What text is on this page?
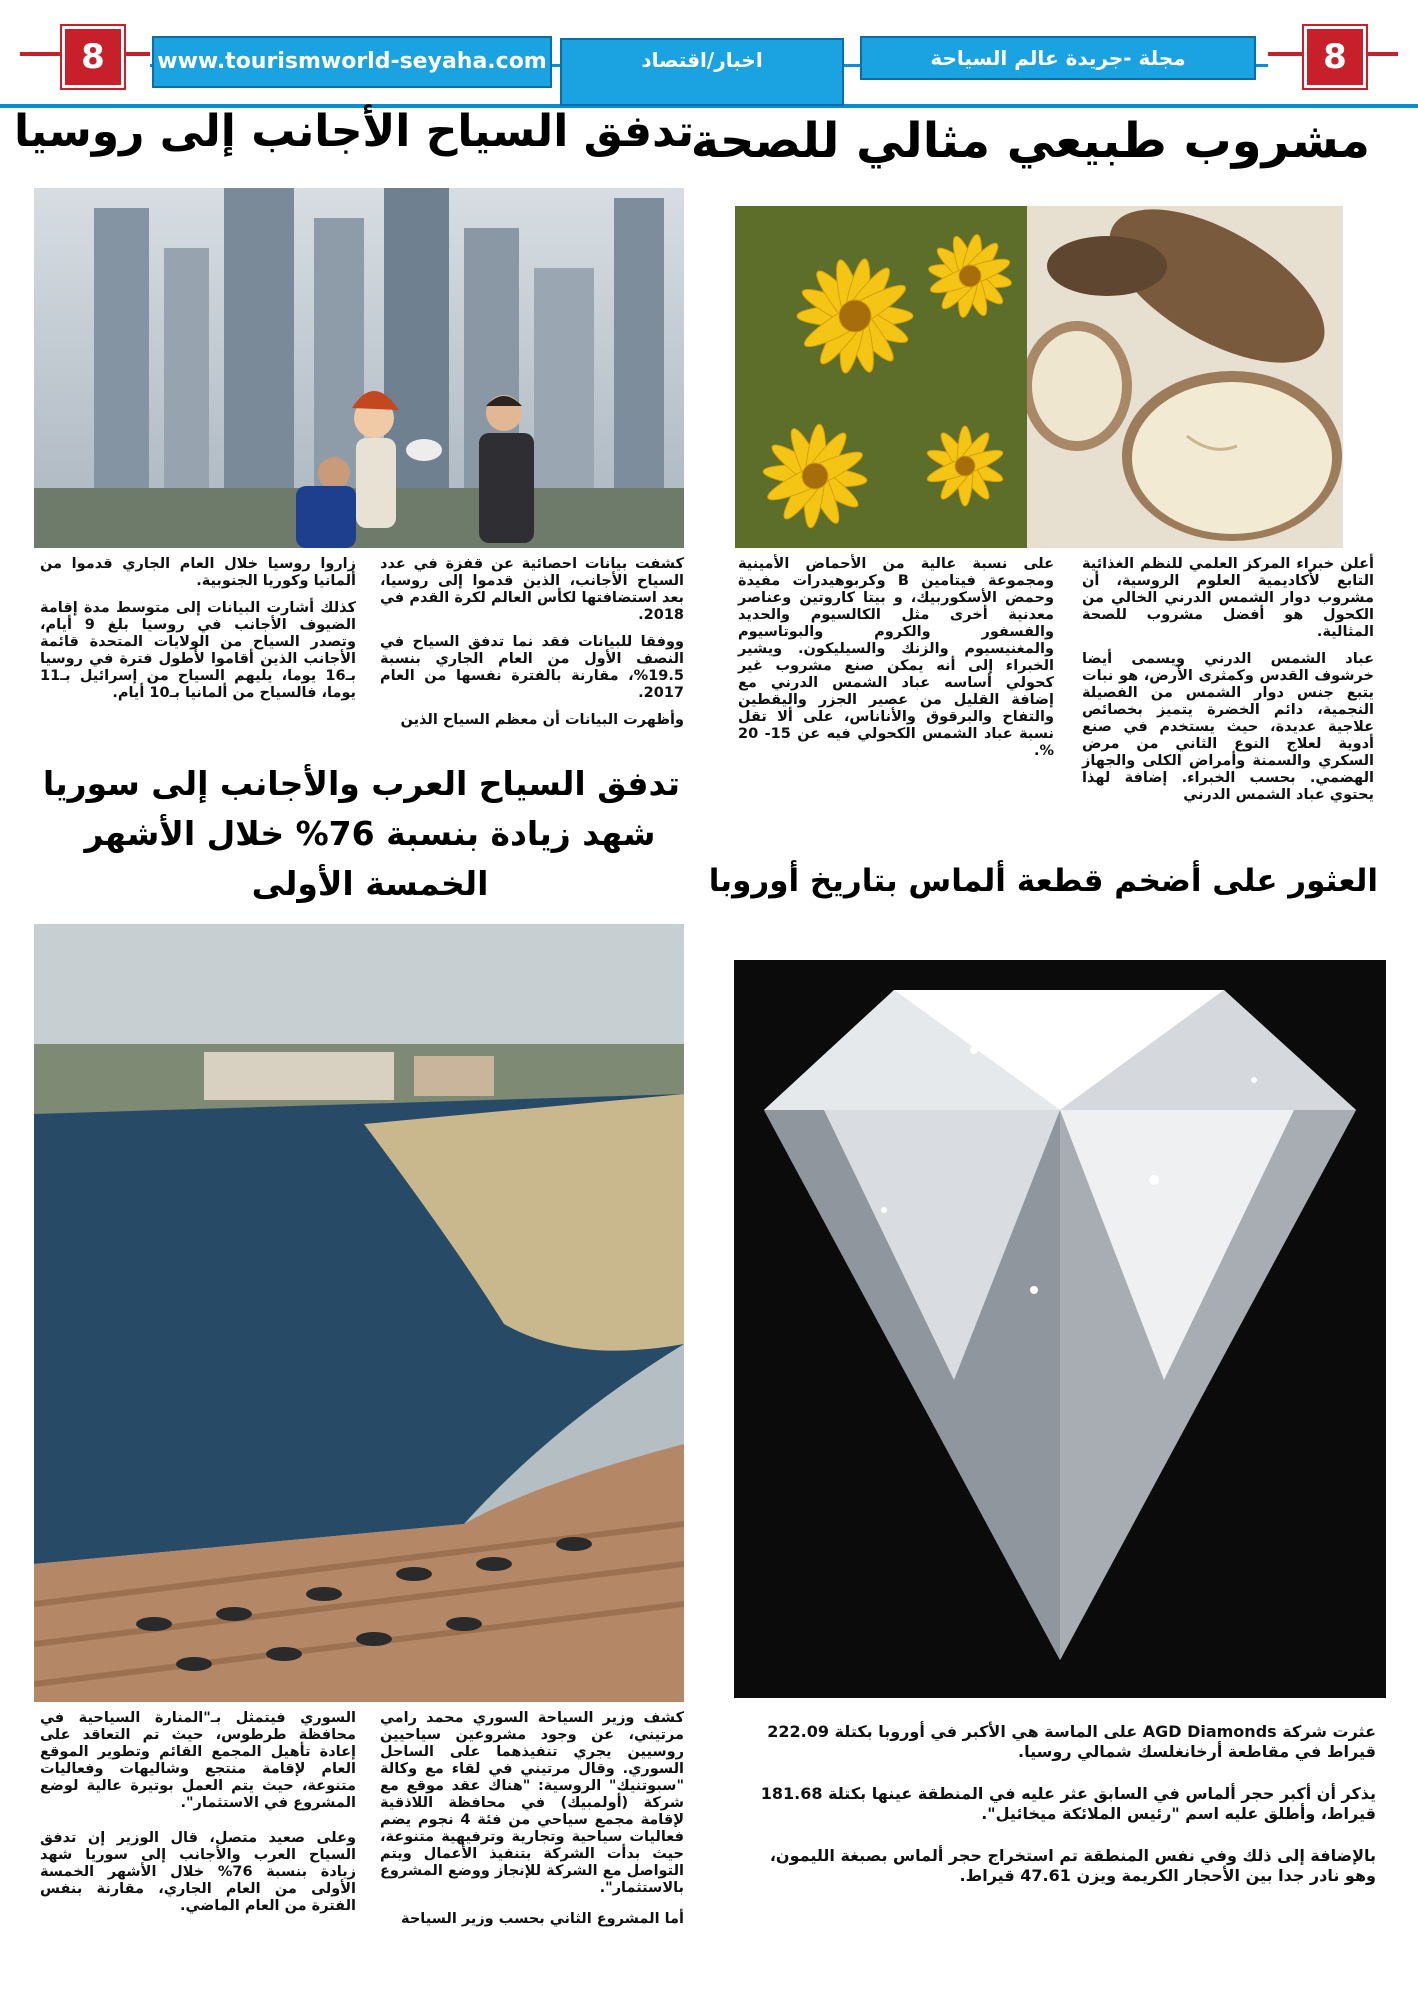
8	8
www.tourismworld-seyaha.com	اخبار/اقتصاد	مجلة -جريدة عالم السياحة
مشروب طبيعي مثالي للصحة

أعلن خبراء المركز العلمي للنظم الغذائية التابع لأكاديمية العلوم الروسية، أن مشروب دوار الشمس الدرني الخالي من الكحول هو أفضل مشروب للصحة المثالية.

عباد الشمس الدرني ويسمى أيضا خرشوف القدس وكمثرى الأرض، هو نبات يتبع جنس دوار الشمس من الفصيلة النجمية، دائم الخضرة يتميز بخصائص علاجية عديدة، حيث يستخدم في صنع أدوية لعلاج النوع الثاني من مرض السكري والسمنة وأمراض الكلى والجهاز الهضمي. بحسب الخبراء. إضافة لهذا يحتوي عباد الشمس الدرني

على نسبة عالية من الأحماض الأمينية ومجموعة فيتامين B وكربوهيدرات مفيدة وحمض الأسكوربيك، و بيتا كاروتين وعناصر معدنية أخرى مثل الكالسيوم والحديد والفسفور والكروم والبوتاسيوم والمغنيسيوم والزنك والسيليكون. ويشير الخبراء إلى أنه يمكن صنع مشروب غير كحولي أساسه عباد الشمس الدرني مع إضافة القليل من عصير الجزر واليقطين والتفاح والبرقوق والأناناس، على ألا تقل نسبة عباد الشمس الكحولي فيه عن 15- 20 %.

تدفق السياح الأجانب إلى روسيا

كشفت بيانات احصائية عن قفزة في عدد السياح الأجانب، الذين قدموا إلى روسيا، بعد استضافتها لكأس العالم لكرة القدم في 2018.

ووفقا للبيانات فقد نما تدفق السياح في النصف الأول من العام الجاري بنسبة 19.5%، مقارنة بالفترة نفسها من العام 2017.

وأظهرت البيانات أن معظم السياح الذين

زاروا روسيا خلال العام الجاري قدموا من ألمانيا وكوريا الجنوبية.

كذلك أشارت البيانات إلى متوسط مدة إقامة الضيوف الأجانب في روسيا بلغ 9 أيام، وتصدر السياح من الولايات المتحدة قائمة الأجانب الذين أقاموا لأطول فترة في روسيا بـ16 يوما، يليهم السياح من إسرائيل بـ11 يوما، فالسياح من ألمانيا بـ10 أيام.

تدفق السياح العرب والأجانب إلى سوريا
شهد زيادة بنسبة 76% خلال الأشهر
الخمسة الأولى	العثور على أضخم قطعة ألماس بتاريخ أوروبا

كشف وزير السياحة السوري محمد رامي مرتيني، عن وجود مشروعين سياحيين روسيين يجري تنفيذهما على الساحل السوري. وقال مرتيني في لقاء مع وكالة "سبوتنيك" الروسية: "هناك عقد موقع مع شركة (أولمبيك) في محافظة اللاذقية لإقامة مجمع سياحي من فئة 4 نجوم يضم فعاليات سياحية وتجارية وترفيهية متنوعة، حيث بدأت الشركة بتنفيذ الأعمال ويتم التواصل مع الشركة للإنجاز ووضع المشروع بالاستثمار".

أما المشروع الثاني بحسب وزير السياحة

السوري فيتمثل بـ"المنارة السياحية في محافظة طرطوس، حيث تم التعاقد على إعادة تأهيل المجمع القائم وتطوير الموقع العام لإقامة منتجع وشاليهات وفعاليات متنوعة، حيث يتم العمل بوتيرة عالية لوضع المشروع في الاستثمار".

وعلى صعيد متصل، قال الوزير إن تدفق السياح العرب والأجانب إلى سوريا شهد زيادة بنسبة 76% خلال الأشهر الخمسة الأولى من العام الجاري، مقارنة بنفس الفترة من العام الماضي.

عثرت شركة AGD Diamonds على الماسة هي الأكبر في أوروبا بكتلة 222.09 قيراط في مقاطعة أرخانغلسك شمالي روسيا.

يذكر أن أكبر حجر ألماس في السابق عثر عليه في المنطقة عينها بكتلة 181.68 قيراط، وأطلق عليه اسم "رئيس الملائكة ميخائيل".

بالإضافة إلى ذلك وفي نفس المنطقة تم استخراج حجر ألماس بصبغة الليمون، وهو نادر جدا بين الأحجار الكريمة ويزن 47.61 قيراط.
